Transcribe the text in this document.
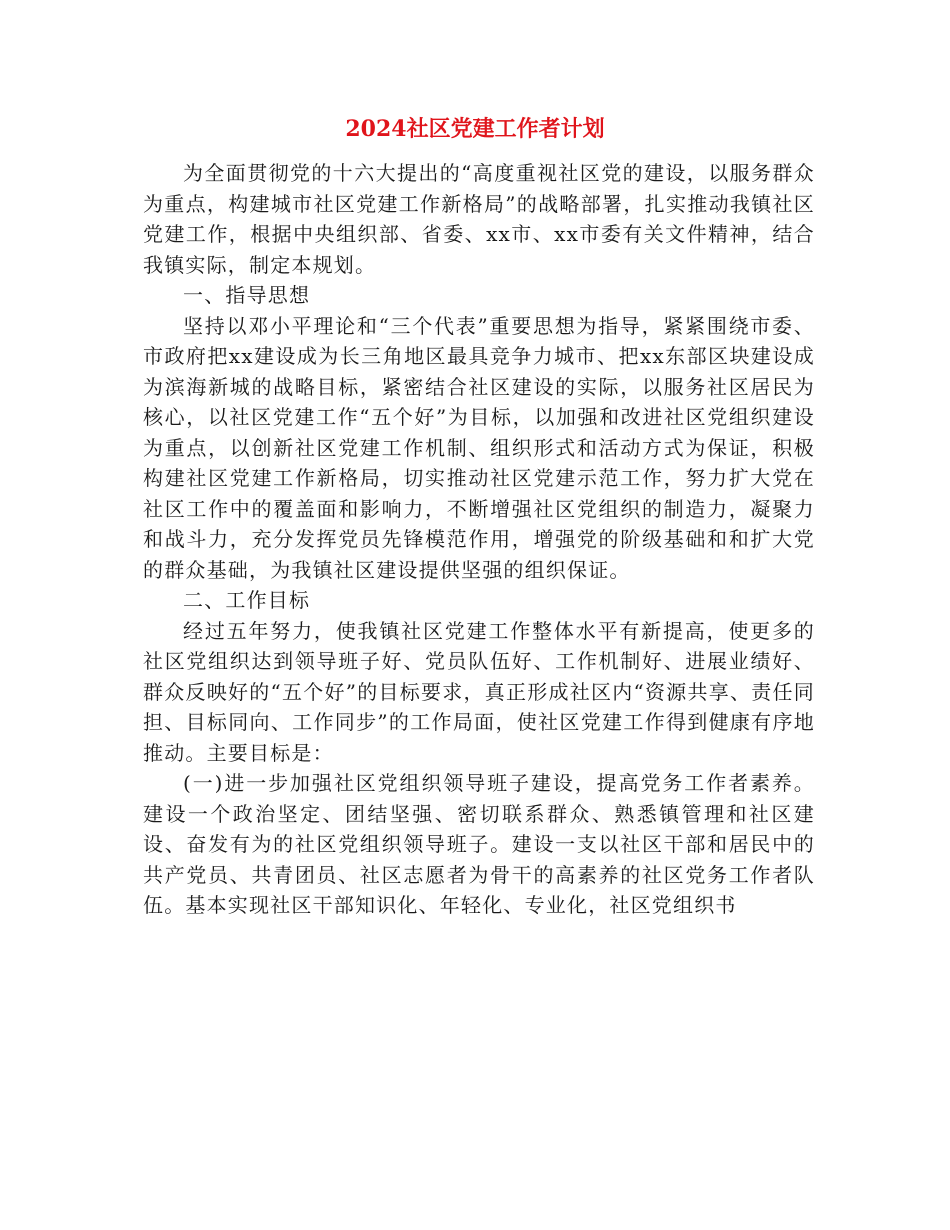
2024社区党建工作者计划

为全面贯彻党的十六大提出的“高度重视社区党的建设，以服务群众为重点，构建城市社区党建工作新格局”的战略部署，扎实推动我镇社区党建工作，根据中央组织部、省委、xx市、xx市委有关文件精神，结合我镇实际，制定本规划。

一、指导思想

坚持以邓小平理论和“三个代表”重要思想为指导，紧紧围绕市委、市政府把xx建设成为长三角地区最具竞争力城市、把xx东部区块建设成为滨海新城的战略目标，紧密结合社区建设的实际，以服务社区居民为核心，以社区党建工作“五个好”为目标，以加强和改进社区党组织建设为重点，以创新社区党建工作机制、组织形式和活动方式为保证，积极构建社区党建工作新格局，切实推动社区党建示范工作，努力扩大党在社区工作中的覆盖面和影响力，不断增强社区党组织的制造力，凝聚力和战斗力，充分发挥党员先锋模范作用，增强党的阶级基础和和扩大党的群众基础，为我镇社区建设提供坚强的组织保证。

二、工作目标

经过五年努力，使我镇社区党建工作整体水平有新提高，使更多的社区党组织达到领导班子好、党员队伍好、工作机制好、进展业绩好、群众反映好的“五个好”的目标要求，真正形成社区内“资源共享、责任同担、目标同向、工作同步”的工作局面，使社区党建工作得到健康有序地推动。主要目标是：

(一)进一步加强社区党组织领导班子建设，提高党务工作者素养。建设一个政治坚定、团结坚强、密切联系群众、熟悉镇管理和社区建设、奋发有为的社区党组织领导班子。建设一支以社区干部和居民中的共产党员、共青团员、社区志愿者为骨干的高素养的社区党务工作者队伍。基本实现社区干部知识化、年轻化、专业化，社区党组织书
